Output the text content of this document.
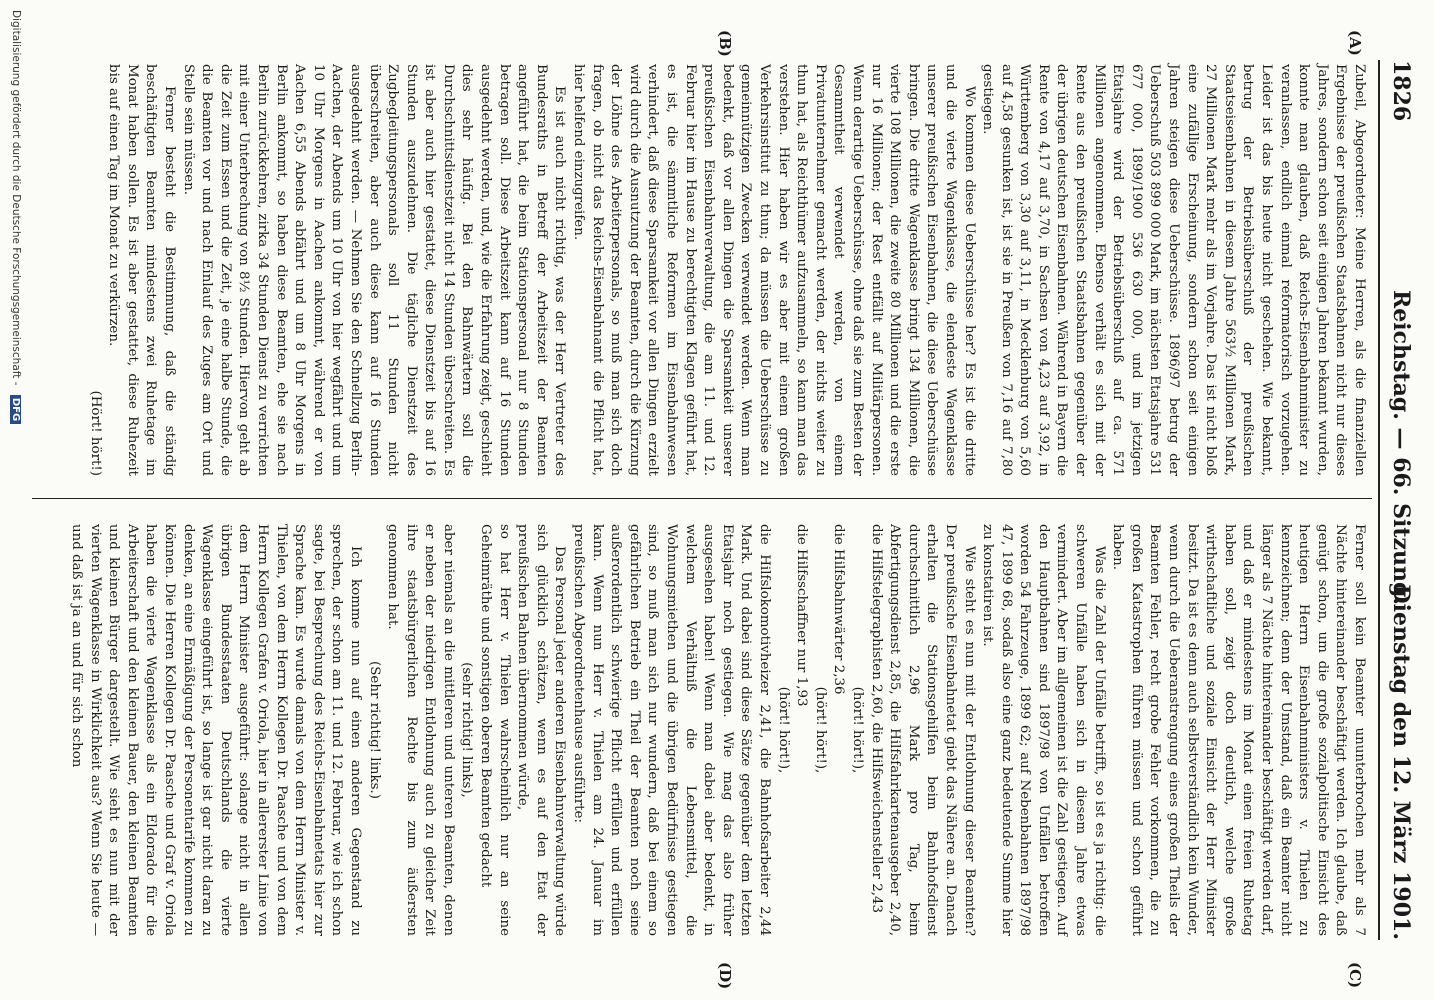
1826
Reichstag. — 66. Sitzung.
Dienstag den 12. März 1901.
(A)
(B)
(C)
(D)

Zubeil, Abgeordneter: Meine Herren, als die finanziellen Ergebnisse der preußischen Staatsbahnen nicht nur dieses Jahres, sondern schon seit einigen Jahren bekannt wurden, konnte man glauben, daß Reichs-Eisenbahnminister zu veranlassen, endlich einmal reformatorisch vorzugehen. Leider ist das bis heute nicht geschehen. Wie bekannt, betrug der Betriebsüberschuß der preußischen Staatseisenbahnen in diesem Jahre 563½ Millionen Mark, 27 Millionen Mark mehr als im Vorjahre. Das ist nicht bloß eine zufällige Erscheinung, sondern schon seit einigen Jahren steigen diese Ueberschüsse. 1896/97 betrug der Ueberschuß 503 899 000 Mark, im nächsten Etatsjahre 531 677 000, 1899/1900 536 630 000, und im jetzigen Etatsjahre wird der Betriebsüberschuß auf ca. 571 Millionen angenommen. Ebenso verhält es sich mit der Rente aus den preußischen Staatsbahnen gegenüber der der übrigen deutschen Eisenbahnen. Während in Bayern die Rente von 4,17 auf 3,70, in Sachsen von 4,23 auf 3,92, in Württemberg von 3,30 auf 3,11, in Mecklenburg von 5,60 auf 4,58 gesunken ist, ist sie in Preußen von 7,16 auf 7,80 gestiegen.

Wo kommen diese Ueberschüsse her? Es ist die dritte und die vierte Wagenklasse, die elendeste Wagenklasse unserer preußischen Eisenbahnen, die diese Ueberschüsse bringen. Die dritte Wagenklasse bringt 134 Millionen, die vierte 108 Millionen, die zweite 80 Millionen und die erste nur 16 Millionen; der Rest entfällt auf Militärpersonen. Wenn derartige Ueberschüsse, ohne daß sie zum Besten der Gesammtheit verwendet werden, von einem Privatunternehmer gemacht werden, der nichts weiter zu thun hat, als Reichthümer aufzusammeln, so kann man das verstehen. Hier haben wir es aber mit einem großen Verkehrsinstitut zu thun; da müssen die Ueberschüsse zu gemeinnützigen Zwecken verwendet werden. Wenn man bedenkt, daß vor allen Dingen die Sparsamkeit unserer preußischen Eisenbahnverwaltung, die am 11. und 12. Februar hier im Hause zu berechtigten Klagen geführt hat, es ist, die sämmtliche Reformen im Eisenbahnwesen verhindert, daß diese Sparsamkeit vor allen Dingen erzielt wird durch die Ausnutzung der Beamten, durch die Kürzung der Löhne des Arbeiterpersonals, so muß man sich doch fragen, ob nicht das Reichs-Eisenbahnamt die Pflicht hat, hier helfend einzugreifen.

Es ist auch nicht richtig, was der Herr Vertreter des Bundesraths in Betreff der Arbeitszeit der Beamten angeführt hat, die beim Stationspersonal nur 8 Stunden betragen soll. Diese Arbeitszeit kann auf 16 Stunden ausgedehnt werden, und, wie die Erfahrung zeigt, geschieht dies sehr häufig. Bei den Bahnwärtern soll die Durchschnittsdienstzeit nicht 14 Stunden überschreiten. Es ist aber auch hier gestattet, diese Dienstzeit bis auf 16 Stunden auszudehnen. Die tägliche Dienstzeit des Zugbegleitungspersonals soll 11 Stunden nicht überschreiten, aber auch diese kann auf 16 Stunden ausgedehnt werden. — Nehmen Sie den Schnellzug Berlin-Aachen, der Abends um 10 Uhr von hier wegfährt und um 10 Uhr Morgens in Aachen ankommt, während er von Aachen 6,55 Abends abfährt und um 8 Uhr Morgens in Berlin ankommt, so haben diese Beamten, ehe sie nach Berlin zurückkehren, zirka 34 Stunden Dienst zu verrichten mit einer Unterbrechung von 8½ Stunden. Hiervon geht ab die Zeit zum Essen und die Zeit, je eine halbe Stunde, die die Beamten vor und nach Einlauf des Zuges am Ort und Stelle sein müssen.

Ferner besteht die Bestimmung, daß die ständig beschäftigten Beamten mindestens zwei Ruhetage im Monat haben sollen. Es ist aber gestattet, diese Ruhezeit bis auf einen Tag im Monat zu verkürzen.

(Hört! hört!)

Ferner soll kein Beamter ununterbrochen mehr als 7 Nächte hintereinander beschäftigt werden. Ich glaube, daß genügt schon, um die große sozialpolitische Einsicht des heutigen Herrn Eisenbahnministers v. Thielen zu kennzeichnen; denn der Umstand, daß ein Beamter nicht länger als 7 Nächte hintereinander beschäftigt werden darf, und daß er mindestens im Monat einen freien Ruhetag haben soll, zeigt doch deutlich, welche große wirthschaftliche und soziale Einsicht der Herr Minister besitzt. Da ist es denn auch selbstverständlich kein Wunder, wenn durch die Ueberanstrengung eines großen Theils der Beamten Fehler, recht grobe Fehler vorkommen, die zu großen Katastrophen führen müssen und schon geführt haben.

Was die Zahl der Unfälle betrifft, so ist es ja richtig: die schweren Unfälle haben sich in diesem Jahre etwas vermindert. Aber im allgemeinen ist die Zahl gestiegen. Auf den Hauptbahnen sind 1897/98 von Unfällen betroffen worden 54 Fahrzeuge, 1899 62; auf Nebenbahnen 1897/98 47, 1899 68, sodaß also eine ganz bedeutende Summe hier zu konstatiren ist.

Wie steht es nun mit der Entlohnung dieser Beamten? Der preußische Eisenbahnetat giebt das Nähere an. Danach erhalten die Stationsgehilfen beim Bahnhofsdienst durchschnittlich 2,96 Mark pro Tag, beim Abfertigungsdienst 2,85, die Hilfsfahrkartenausgeber 2,40, die Hilfstelegraphisten 2,60, die Hilfsweichensteller 2,43

(hört! hört!),

die Hilfsbahnwärter 2,36

(hört! hört!),

die Hilfsschaffner nur 1,93

(hört! hört!),

die Hilfslokomotivheizer 2,41, die Bahnhofsarbeiter 2,44 Mark. Und dabei sind diese Sätze gegenüber dem letzten Etatsjahr noch gestiegen. Wie mag das also früher ausgesehen haben! Wenn man dabei aber bedenkt, in welchem Verhältniß die Lebensmittel, die Wohnungsmiethen und die übrigen Bedürfnisse gestiegen sind, so muß man sich nur wundern, daß bei einem so gefährlichen Betrieb ein Theil der Beamten noch seine außerordentlich schwierige Pflicht erfüllen und erfüllen kann. Wenn nun Herr v. Thielen am 24. Januar im preußischen Abgeordnetenhause ausführte:

Das Personal jeder anderen Eisenbahnverwaltung würde sich glücklich schätzen, wenn es auf den Etat der preußischen Bahnen übernommen würde,

so hat Herr v. Thielen wahrscheinlich nur an seine Geheimräthe und sonstigen oberen Beamten gedacht

(sehr richtig! links),

aber niemals an die mittleren und unteren Beamten, denen er neben der niedrigen Entlohnung auch zu gleicher Zeit ihre staatsbürgerlichen Rechte bis zum äußersten genommen hat.

(Sehr richtig! links.)

Ich komme nun auf einen anderen Gegenstand zu sprechen, der schon am 11. und 12. Februar, wie ich schon sagte, bei Besprechung des Reichs-Eisenbahnetats hier zur Sprache kam. Es wurde damals von dem Herrn Minister v. Thielen, von dem Herrn Kollegen Dr. Paasche und von dem Herrn Kollegen Grafen v. Oriola, hier in allererster Linie von dem Herrn Minister ausgeführt: solange nicht in allen übrigen Bundesstaaten Deutschlands die vierte Wagenklasse eingeführt ist, so lange ist gar nicht daran zu denken, an eine Ermäßigung der Personentarife kommen zu können. Die Herren Kollegen Dr. Paasche und Graf v. Oriola haben die vierte Wagenklasse als ein Eldorado für die Arbeiterschaft und den kleinen Bauer, den kleinen Beamten und kleinen Bürger dargestellt. Wie sieht es nun mit der vierten Wagenklasse in Wirklichkeit aus? Wenn Sie heute — und daß ist ja an und für sich schon

Digitalisierung gefördert durch die Deutsche Forschungsgemeinschaft - DFG
